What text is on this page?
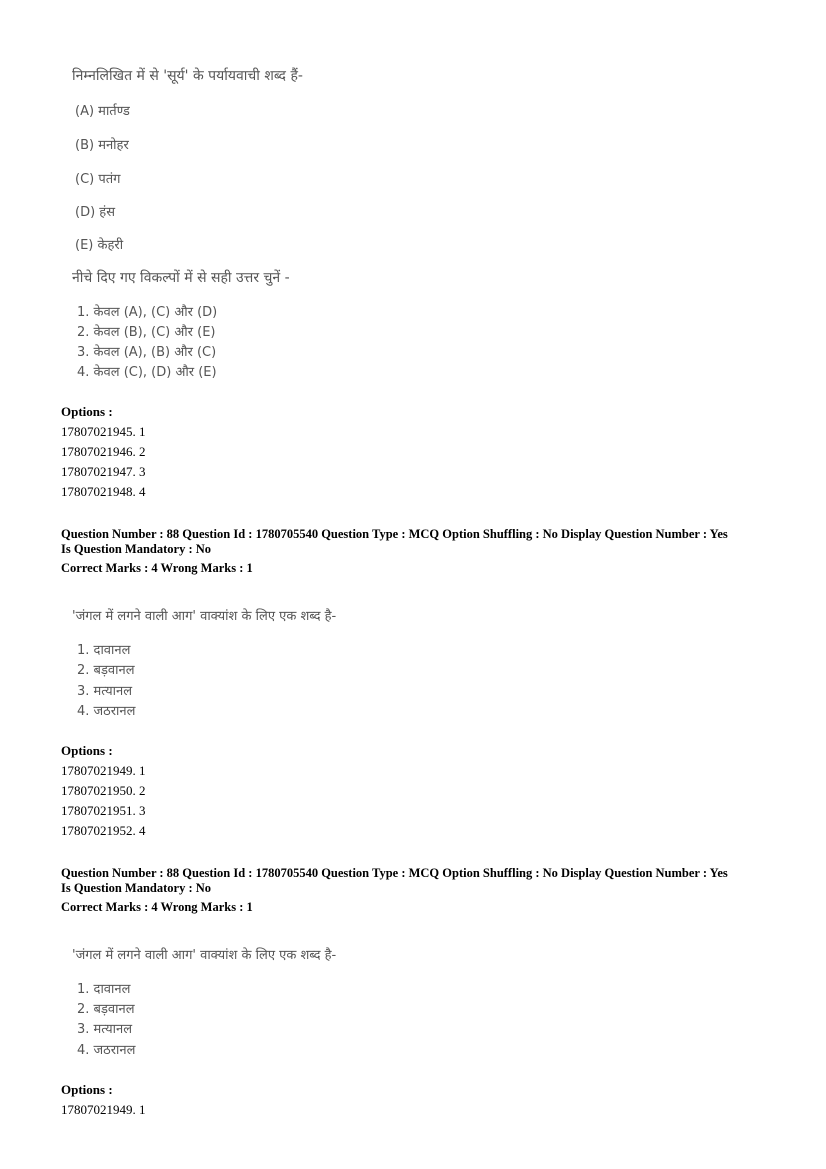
निम्नलिखित में से 'सूर्य' के पर्यायवाची शब्द हैं-
(A) मार्तण्ड
(B) मनोहर
(C) पतंग
(D) हंस
(E) केहरी
नीचे दिए गए विकल्पों में से सही उत्तर चुनें -
1. केवल (A), (C) और (D)
2. केवल (B), (C) और (E)
3. केवल (A), (B) और (C)
4. केवल (C), (D) और (E)
Options :
17807021945. 1
17807021946. 2
17807021947. 3
17807021948. 4
Question Number : 88 Question Id : 1780705540 Question Type : MCQ Option Shuffling : No Display Question Number : Yes
Is Question Mandatory : No
Correct Marks : 4 Wrong Marks : 1
'जंगल में लगने वाली आग' वाक्यांश के लिए एक शब्द है-
1. दावानल
2. बड़वानल
3. मत्यानल
4. जठरानल
Options :
17807021949. 1
17807021950. 2
17807021951. 3
17807021952. 4
Question Number : 88 Question Id : 1780705540 Question Type : MCQ Option Shuffling : No Display Question Number : Yes
Is Question Mandatory : No
Correct Marks : 4 Wrong Marks : 1
'जंगल में लगने वाली आग' वाक्यांश के लिए एक शब्द है-
1. दावानल
2. बड़वानल
3. मत्यानल
4. जठरानल
Options :
17807021949. 1
